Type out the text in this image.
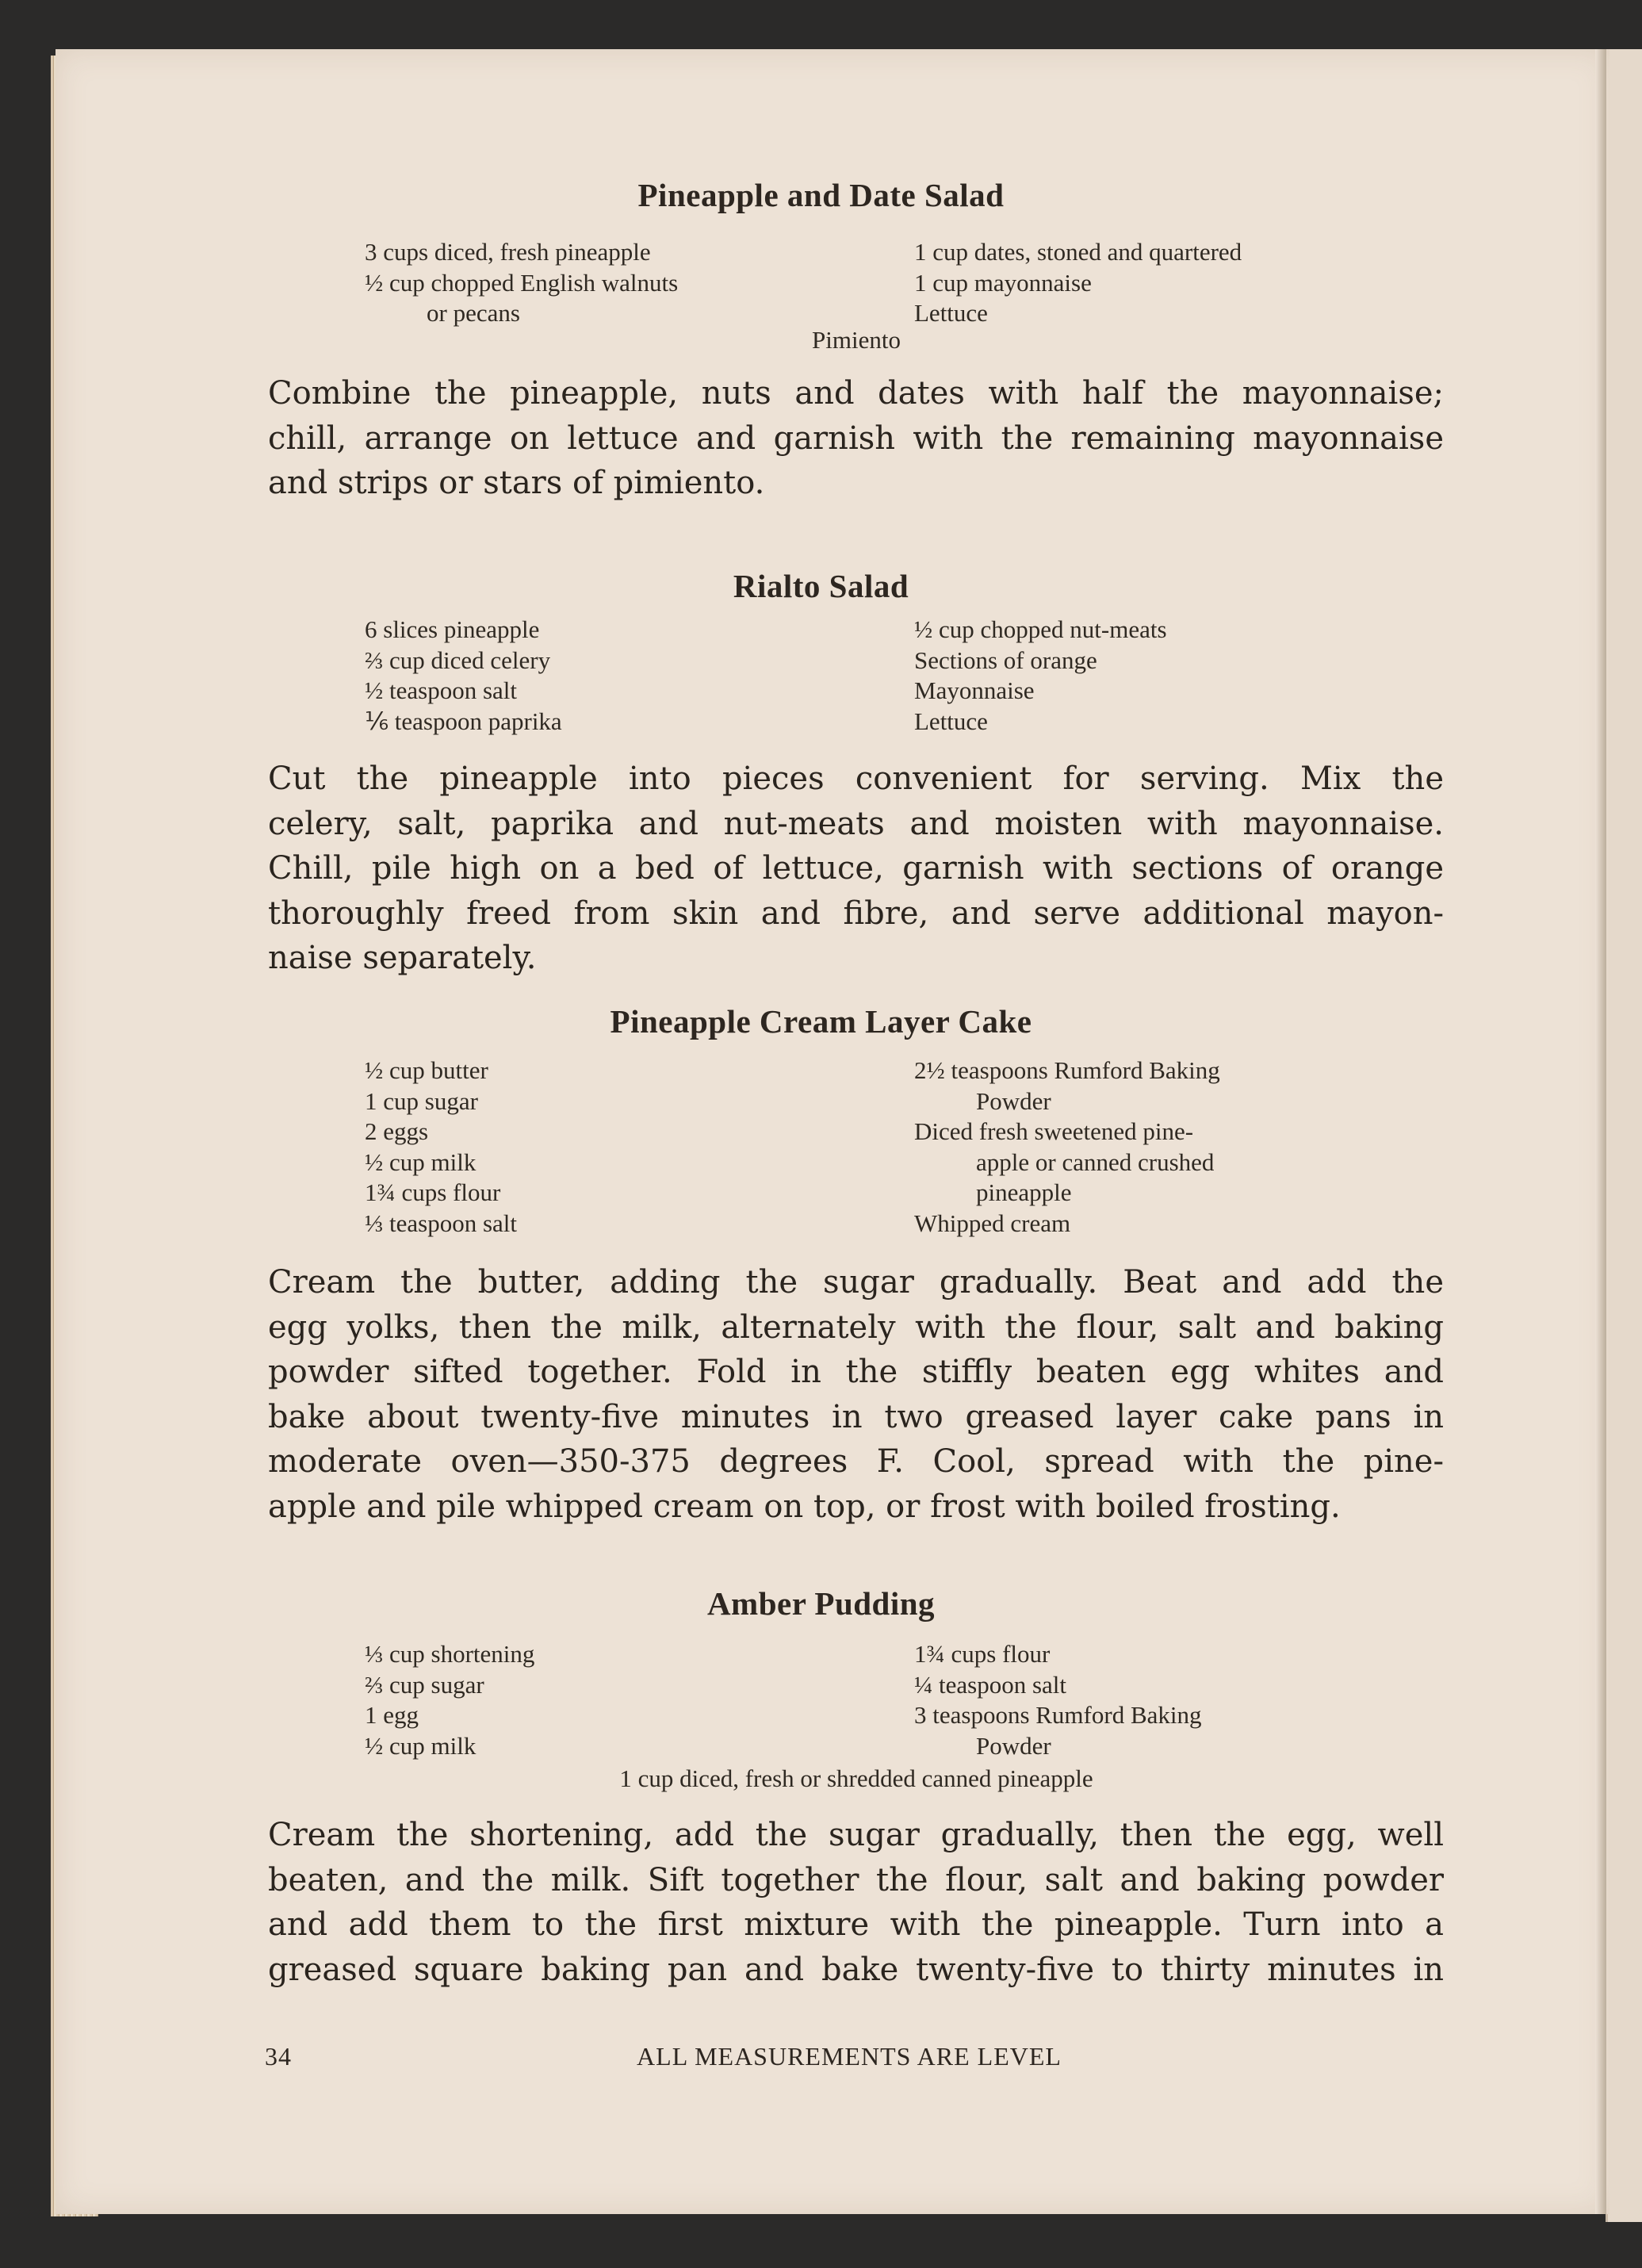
Pineapple and Date Salad
3 cups diced, fresh pineapple
½ cup chopped English walnuts
or pecans
1 cup dates, stoned and quartered
1 cup mayonnaise
Lettuce
Pimiento
Combine the pineapple, nuts and dates with half the mayonnaise;
chill, arrange on lettuce and garnish with the remaining mayonnaise
and strips or stars of pimiento.
Rialto Salad
6 slices pineapple
⅔ cup diced celery
½ teaspoon salt
⅙ teaspoon paprika
½ cup chopped nut-meats
Sections of orange
Mayonnaise
Lettuce
Cut the pineapple into pieces convenient for serving. Mix the
celery, salt, paprika and nut-meats and moisten with mayonnaise.
Chill, pile high on a bed of lettuce, garnish with sections of orange
thoroughly freed from skin and fibre, and serve additional mayon-
naise separately.
Pineapple Cream Layer Cake
½ cup butter
1 cup sugar
2 eggs
½ cup milk
1¾ cups flour
⅓ teaspoon salt
2½ teaspoons Rumford Baking
Powder
Diced fresh sweetened pine-
apple or canned crushed
pineapple
Whipped cream
Cream the butter, adding the sugar gradually. Beat and add the
egg yolks, then the milk, alternately with the flour, salt and baking
powder sifted together. Fold in the stiffly beaten egg whites and
bake about twenty-five minutes in two greased layer cake pans in
moderate oven—350-375 degrees F. Cool, spread with the pine-
apple and pile whipped cream on top, or frost with boiled frosting.
Amber Pudding
⅓ cup shortening
⅔ cup sugar
1 egg
½ cup milk
1¾ cups flour
¼ teaspoon salt
3 teaspoons Rumford Baking
Powder
1 cup diced, fresh or shredded canned pineapple
Cream the shortening, add the sugar gradually, then the egg, well
beaten, and the milk. Sift together the flour, salt and baking powder
and add them to the first mixture with the pineapple. Turn into a
greased square baking pan and bake twenty-five to thirty minutes in
34	ALL MEASUREMENTS ARE LEVEL
